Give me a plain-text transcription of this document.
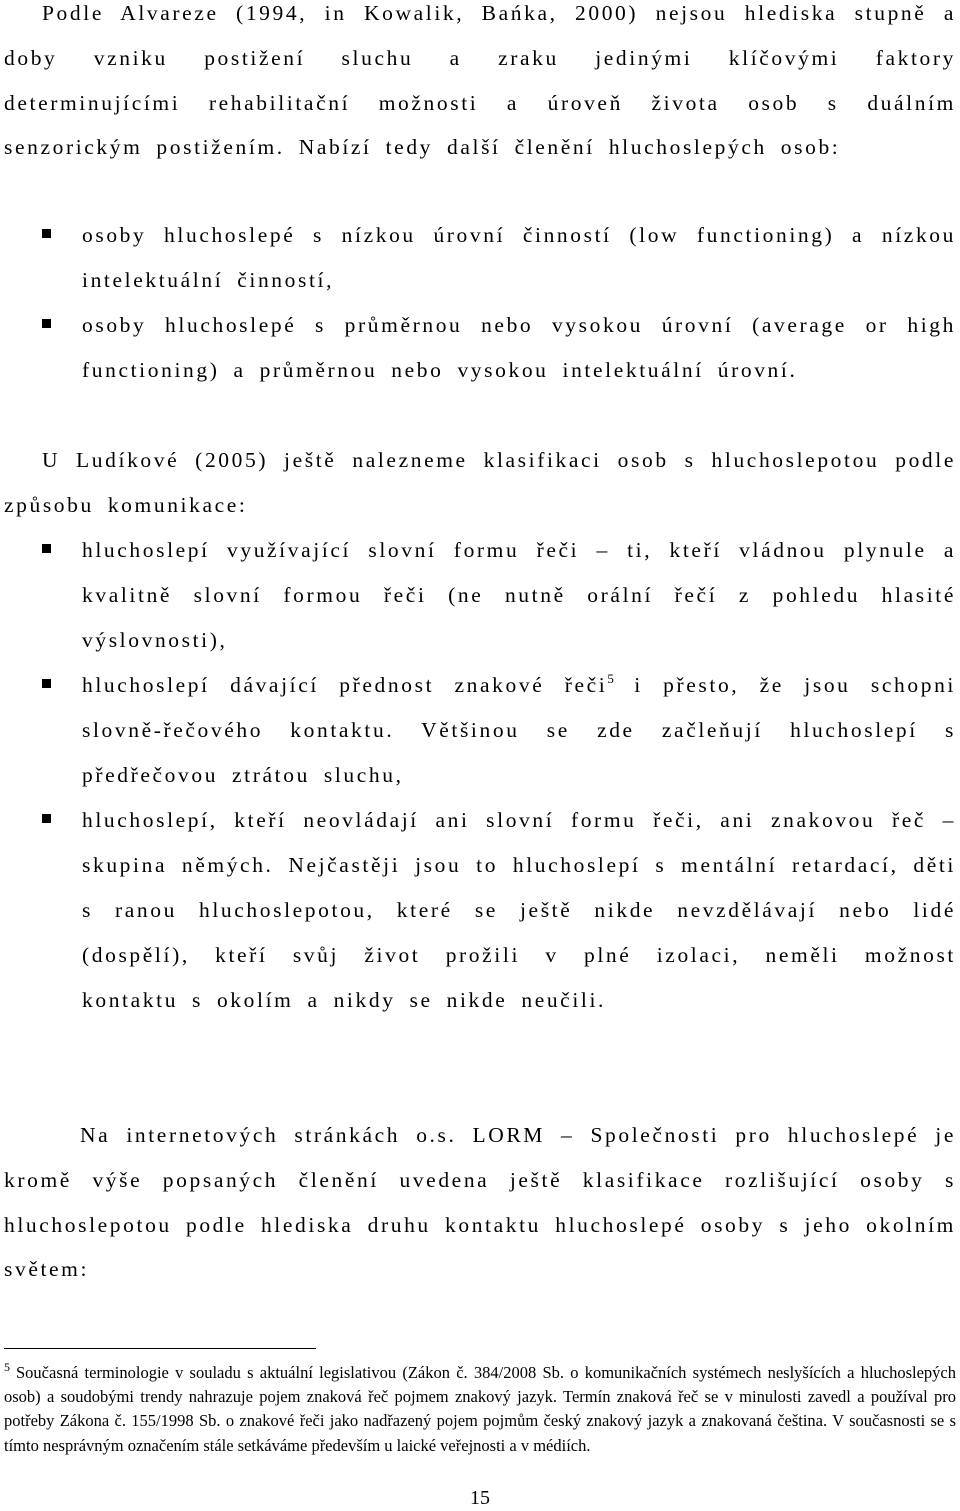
Podle Alvareze (1994, in Kowalik, Bańka, 2000) nejsou hlediska stupně a doby vzniku postižení sluchu a zraku jedinými klíčovými faktory determinujícími rehabilitační možnosti a úroveň života osob s duálním senzorickým postižením. Nabízí tedy další členění hluchoslepých osob:

osoby hluchoslepé s nízkou úrovní činností (low functioning) a nízkou intelektuální činností,
osoby hluchoslepé s průměrnou nebo vysokou úrovní (average or high functioning) a průměrnou nebo vysokou intelektuální úrovní.

U Ludíkové (2005) ještě nalezneme klasifikaci osob s hluchoslepotou podle způsobu komunikace:

hluchoslepí využívající slovní formu řeči – ti, kteří vládnou plynule a kvalitně slovní formou řeči (ne nutně orální řečí z pohledu hlasité výslovnosti),
hluchoslepí dávající přednost znakové řeči$^5$ i přesto, že jsou schopni slovně-řečového kontaktu. Většinou se zde začleňují hluchoslepí s předřečovou ztrátou sluchu,
hluchoslepí, kteří neovládají ani slovní formu řeči, ani znakovou řeč – skupina němých. Nejčastěji jsou to hluchoslepí s mentální retardací, děti s ranou hluchoslepotou, které se ještě nikde nevzdělávají nebo lidé (dospělí), kteří svůj život prožili v plné izolaci, neměli možnost kontaktu s okolím a nikdy se nikde neučili.

Na internetových stránkách o.s. LORM – Společnosti pro hluchoslepé je kromě výše popsaných členění uvedena ještě klasifikace rozlišující osoby s hluchoslepotou podle hlediska druhu kontaktu hluchoslepé osoby s jeho okolním světem:

$^5$ Současná terminologie v souladu s aktuální legislativou (Zákon č. 384/2008 Sb. o komunikačních systémech neslyšících a hluchoslepých osob) a soudobými trendy nahrazuje pojem znaková řeč pojmem znakový jazyk. Termín znaková řeč se v minulosti zavedl a používal pro potřeby Zákona č. 155/1998 Sb. o znakové řeči jako nadřazený pojem pojmům český znakový jazyk a znakovaná čeština. V současnosti se s tímto nesprávným označením stále setkáváme především u laické veřejnosti a v médiích.
15
